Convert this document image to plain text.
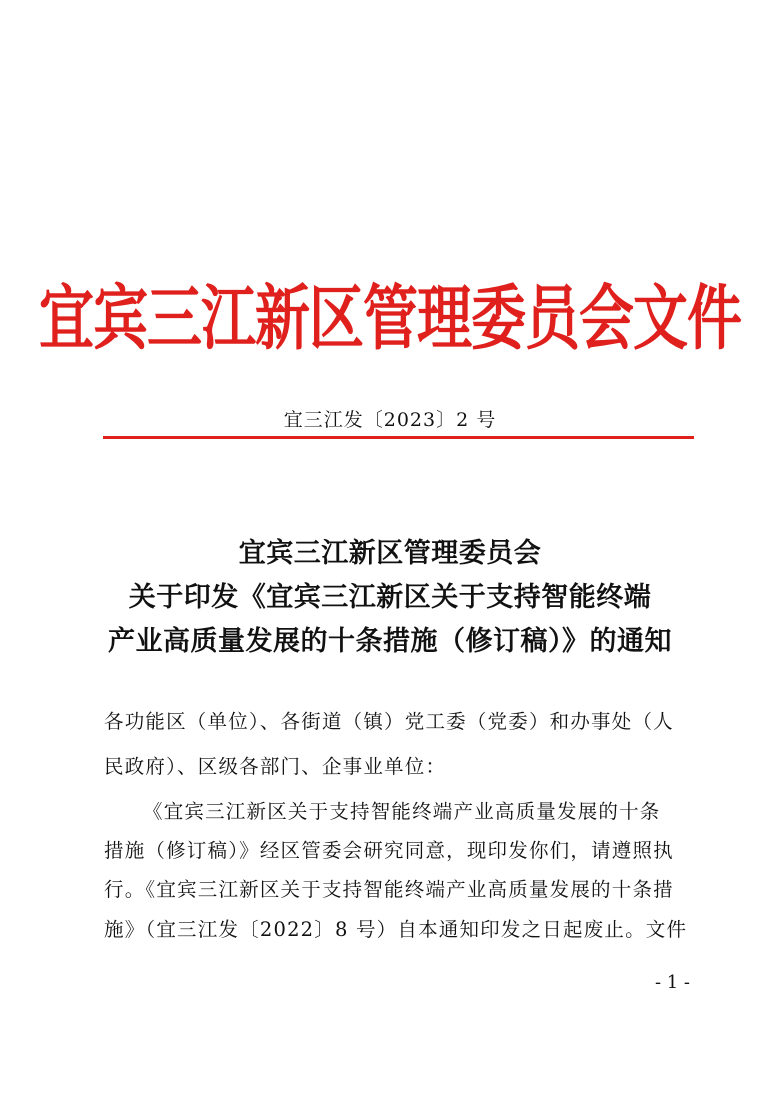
宜宾三江新区管理委员会文件
宜三江发〔2023〕2 号
宜宾三江新区管理委员会
关于印发《宜宾三江新区关于支持智能终端
产业高质量发展的十条措施（修订稿）》的通知
各功能区（单位）、各街道（镇）党工委（党委）和办事处（人
民政府）、区级各部门、企事业单位：
《宜宾三江新区关于支持智能终端产业高质量发展的十条
措施（修订稿）》经区管委会研究同意，现印发你们，请遵照执
行。《宜宾三江新区关于支持智能终端产业高质量发展的十条措
施》（宜三江发〔2022〕8 号）自本通知印发之日起废止。文件
- 1 -
